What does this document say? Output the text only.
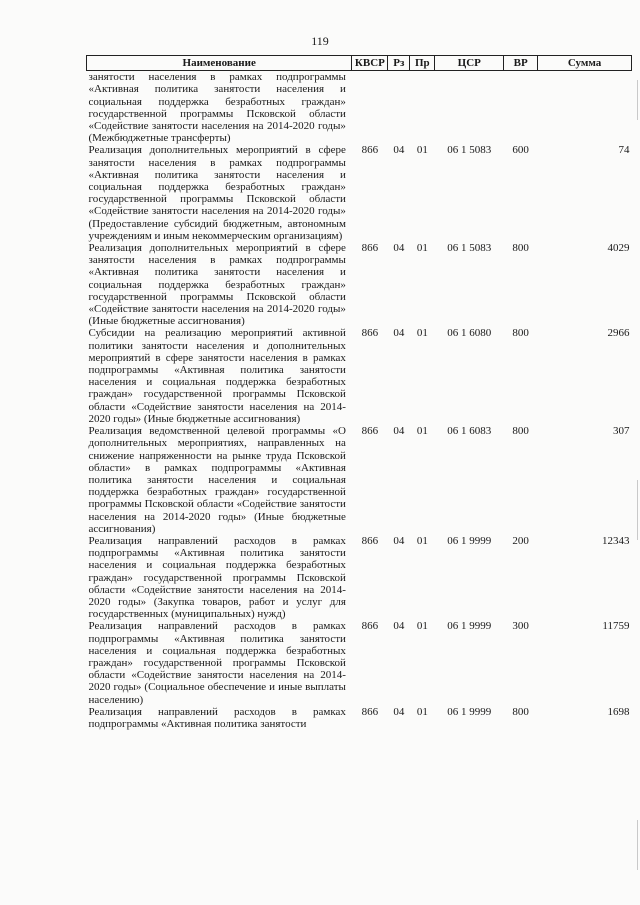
119
Наименование	КВСР	Рз	Пр	ЦСР	ВР	Сумма
занятости населения в рамках подпрограммы «Активная политика занятости населения и социальная поддержка безработных граждан» государственной программы Псковской области «Содействие занятости населения на 2014-2020 годы» (Межбюджетные трансферты)						
Реализация дополнительных мероприятий в сфере занятости населения в рамках подпрограммы «Активная политика занятости населения и социальная поддержка безработных граждан» государственной программы Псковской области «Содействие занятости населения на 2014-2020 годы» (Предоставление субсидий бюджетным, автономным учреждениям и иным некоммерческим организациям)	866	04	01	06 1 5083	600	74
Реализация дополнительных мероприятий в сфере занятости населения в рамках подпрограммы «Активная политика занятости населения и социальная поддержка безработных граждан» государственной программы Псковской области «Содействие занятости населения на 2014-2020 годы» (Иные бюджетные ассигнования)	866	04	01	06 1 5083	800	4029
Субсидии на реализацию мероприятий активной политики занятости населения и дополнительных мероприятий в сфере занятости населения в рамках подпрограммы «Активная политика занятости населения и социальная поддержка безработных граждан» государственной программы Псковской области «Содействие занятости населения на 2014-2020 годы» (Иные бюджетные ассигнования)	866	04	01	06 1 6080	800	2966
Реализация ведомственной целевой программы «О дополнительных мероприятиях, направленных на снижение напряженности на рынке труда Псковской области» в рамках подпрограммы «Активная политика занятости населения и социальная поддержка безработных граждан» государственной программы Псковской области «Содействие занятости населения на 2014-2020 годы» (Иные бюджетные ассигнования)	866	04	01	06 1 6083	800	307
Реализация направлений расходов в рамках подпрограммы «Активная политика занятости населения и социальная поддержка безработных граждан» государственной программы Псковской области «Содействие занятости населения на 2014-2020 годы» (Закупка товаров, работ и услуг для государственных (муниципальных) нужд)	866	04	01	06 1 9999	200	12343
Реализация направлений расходов в рамках подпрограммы «Активная политика занятости населения и социальная поддержка безработных граждан» государственной программы Псковской области «Содействие занятости населения на 2014-2020 годы» (Социальное обеспечение и иные выплаты населению)	866	04	01	06 1 9999	300	11759
Реализация направлений расходов в рамках подпрограммы «Активная политика занятости	866	04	01	06 1 9999	800	1698
